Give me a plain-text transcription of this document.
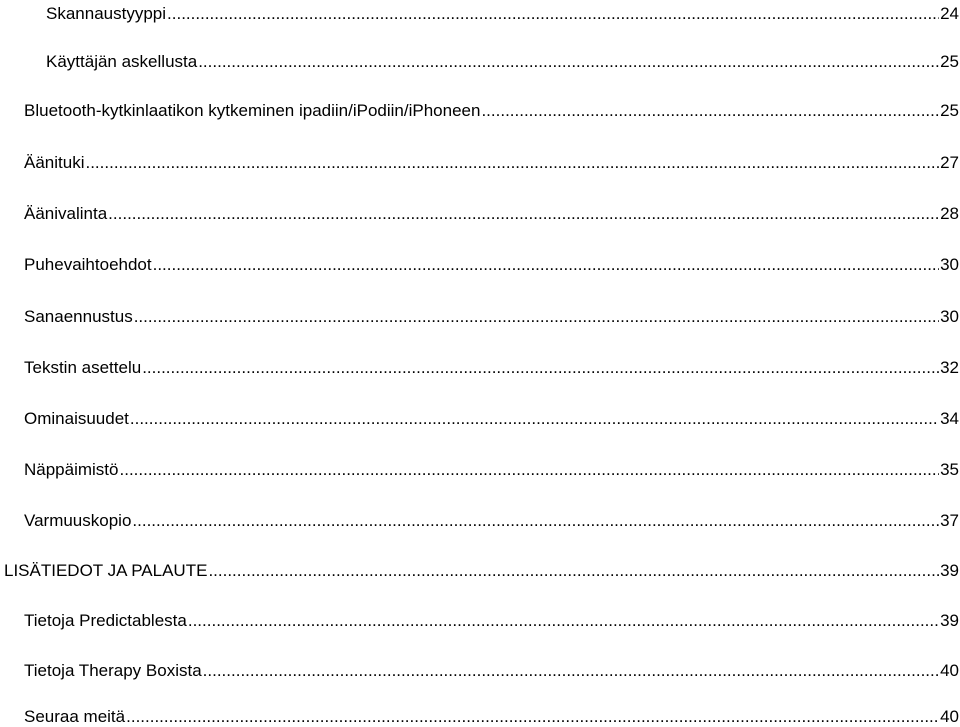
Skannaustyyppi .....	24
Käyttäjän askellusta .....	25
Bluetooth-kytkinlaatikon kytkeminen ipadiin/iPodiin/iPhoneen .....	25
Äänituki .....	27
Äänivalinta .....	28
Puhevaihtoehdot .....	30
Sanaennustus .....	30
Tekstin asettelu .....	32
Ominaisuudet .....	34
Näppäimistö .....	35
Varmuuskopio .....	37
LISÄTIEDOT JA PALAUTE .....	39
Tietoja Predictablesta .....	39
Tietoja Therapy Boxista .....	40
Seuraa meitä .....	40
